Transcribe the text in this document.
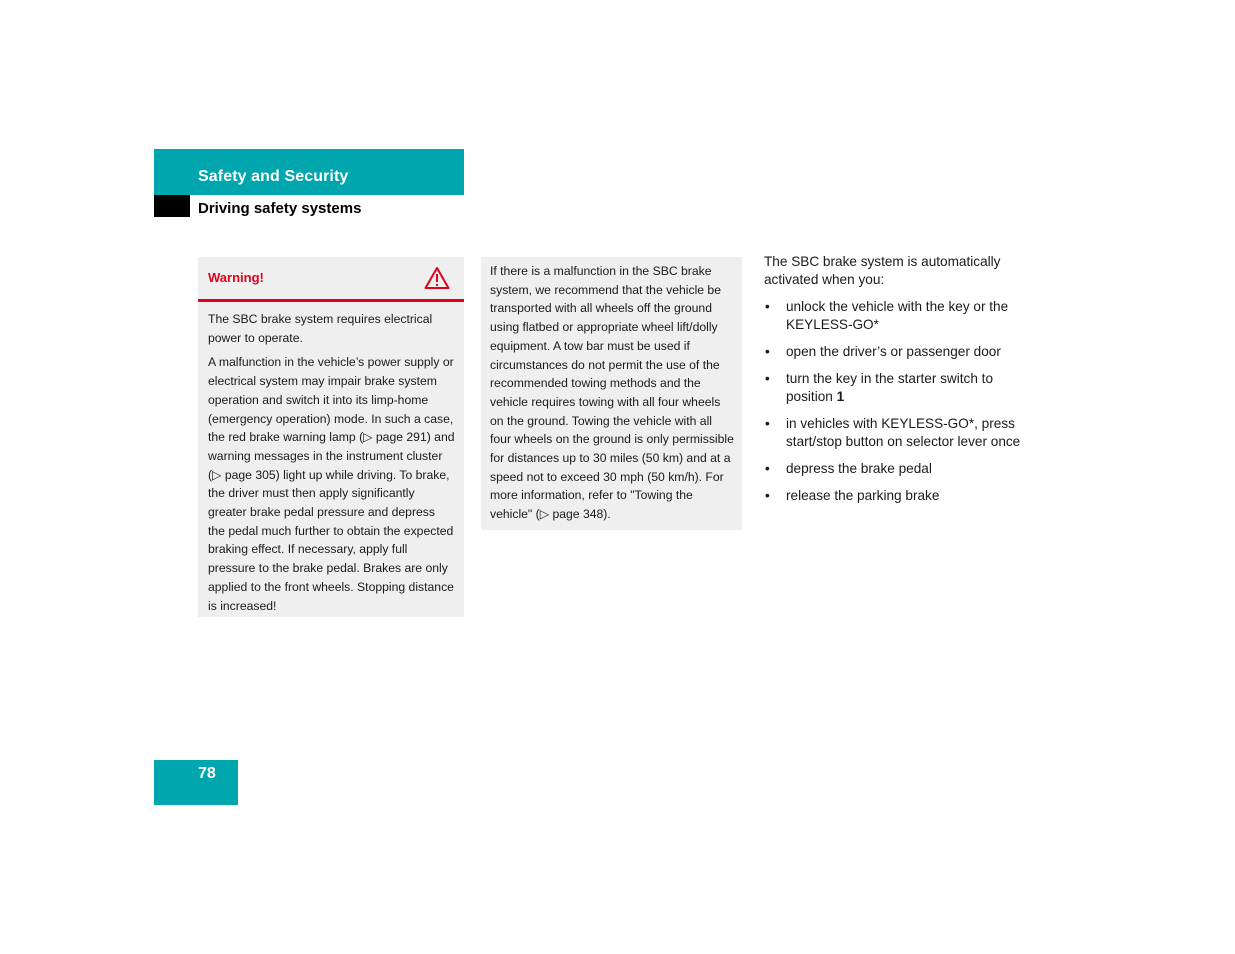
Safety and Security
Driving safety systems
Warning!

The SBC brake system requires electrical power to operate.

A malfunction in the vehicle’s power supply or electrical system may impair brake system operation and switch it into its limp-home (emergency operation) mode. In such a case, the red brake warning lamp (▷ page 291) and warning messages in the instrument cluster (▷ page 305) light up while driving. To brake, the driver must then apply significantly greater brake pedal pressure and depress the pedal much further to obtain the expected braking effect. If necessary, apply full pressure to the brake pedal. Brakes are only applied to the front wheels. Stopping distance is increased!

If there is a malfunction in the SBC brake system, we recommend that the vehicle be transported with all wheels off the ground using flatbed or appropriate wheel lift/dolly equipment. A tow bar must be used if circumstances do not permit the use of the recommended towing methods and the vehicle requires towing with all four wheels on the ground. Towing the vehicle with all four wheels on the ground is only permissible for distances up to 30 miles (50 km) and at a speed not to exceed 30 mph (50 km/h). For more information, refer to "Towing the vehicle" (▷ page 348).

The SBC brake system is automatically activated when you:

• unlock the vehicle with the key or the KEYLESS-GO*
• open the driver’s or passenger door
• turn the key in the starter switch to position 1
• in vehicles with KEYLESS-GO*, press start/stop button on selector lever once
• depress the brake pedal
• release the parking brake
78
